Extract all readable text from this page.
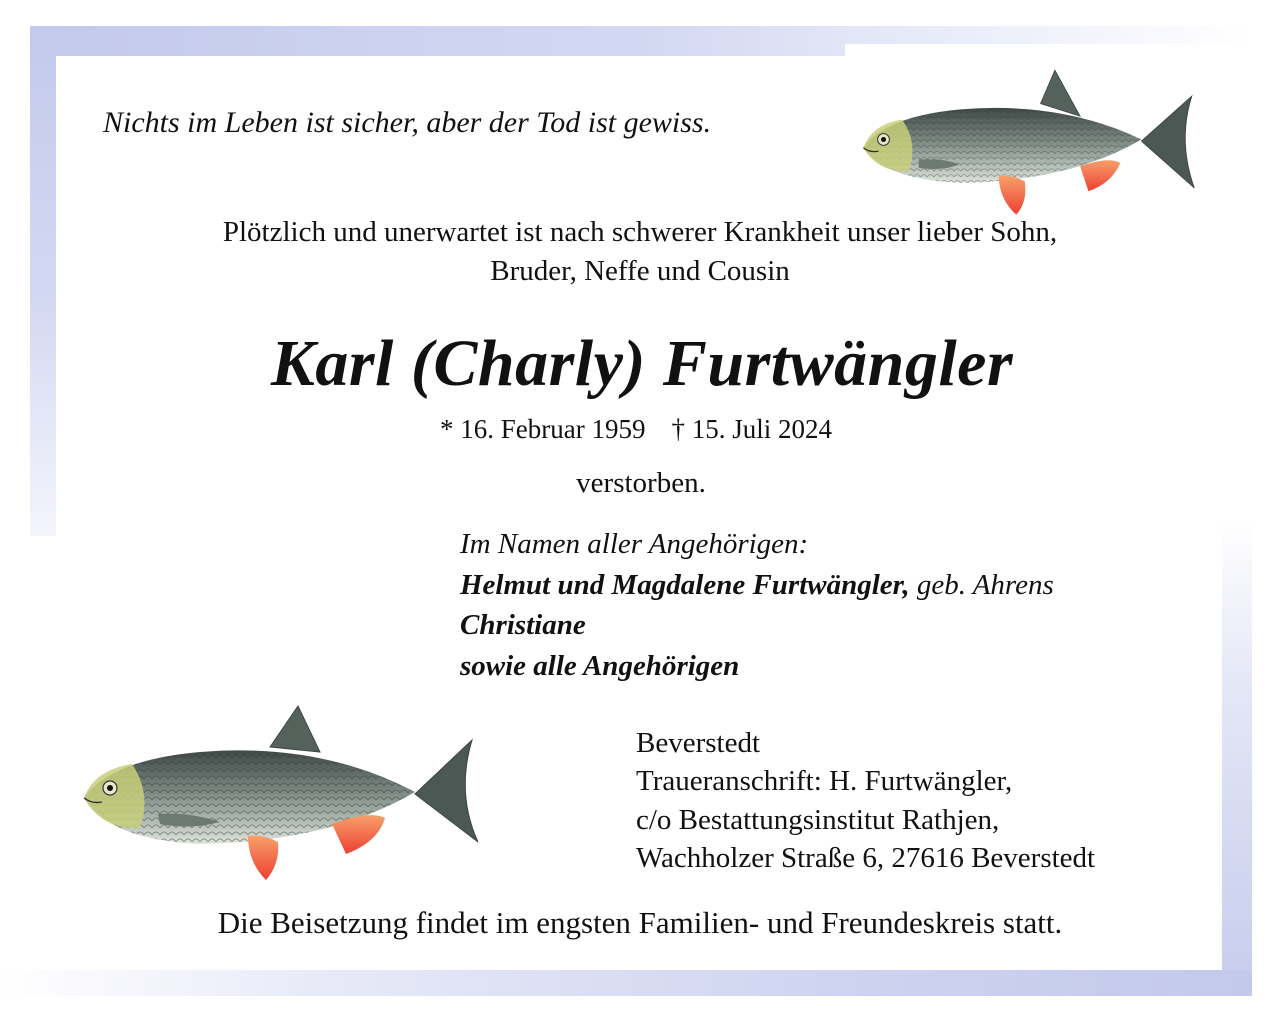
Nichts im Leben ist sicher, aber der Tod ist gewiss.
Plötzlich und unerwartet ist nach schwerer Krankheit unser lieber Sohn,
Bruder, Neffe und Cousin
Karl (Charly) Furtwängler
* 16. Februar 1959 † 15. Juli 2024
verstorben.
Im Namen aller Angehörigen:
Helmut und Magdalene Furtwängler, geb. Ahrens
Christiane
sowie alle Angehörigen
Beverstedt
Traueranschrift: H. Furtwängler,
c/o Bestattungsinstitut Rathjen,
Wachholzer Straße 6, 27616 Beverstedt
Die Beisetzung findet im engsten Familien- und Freundeskreis statt.
